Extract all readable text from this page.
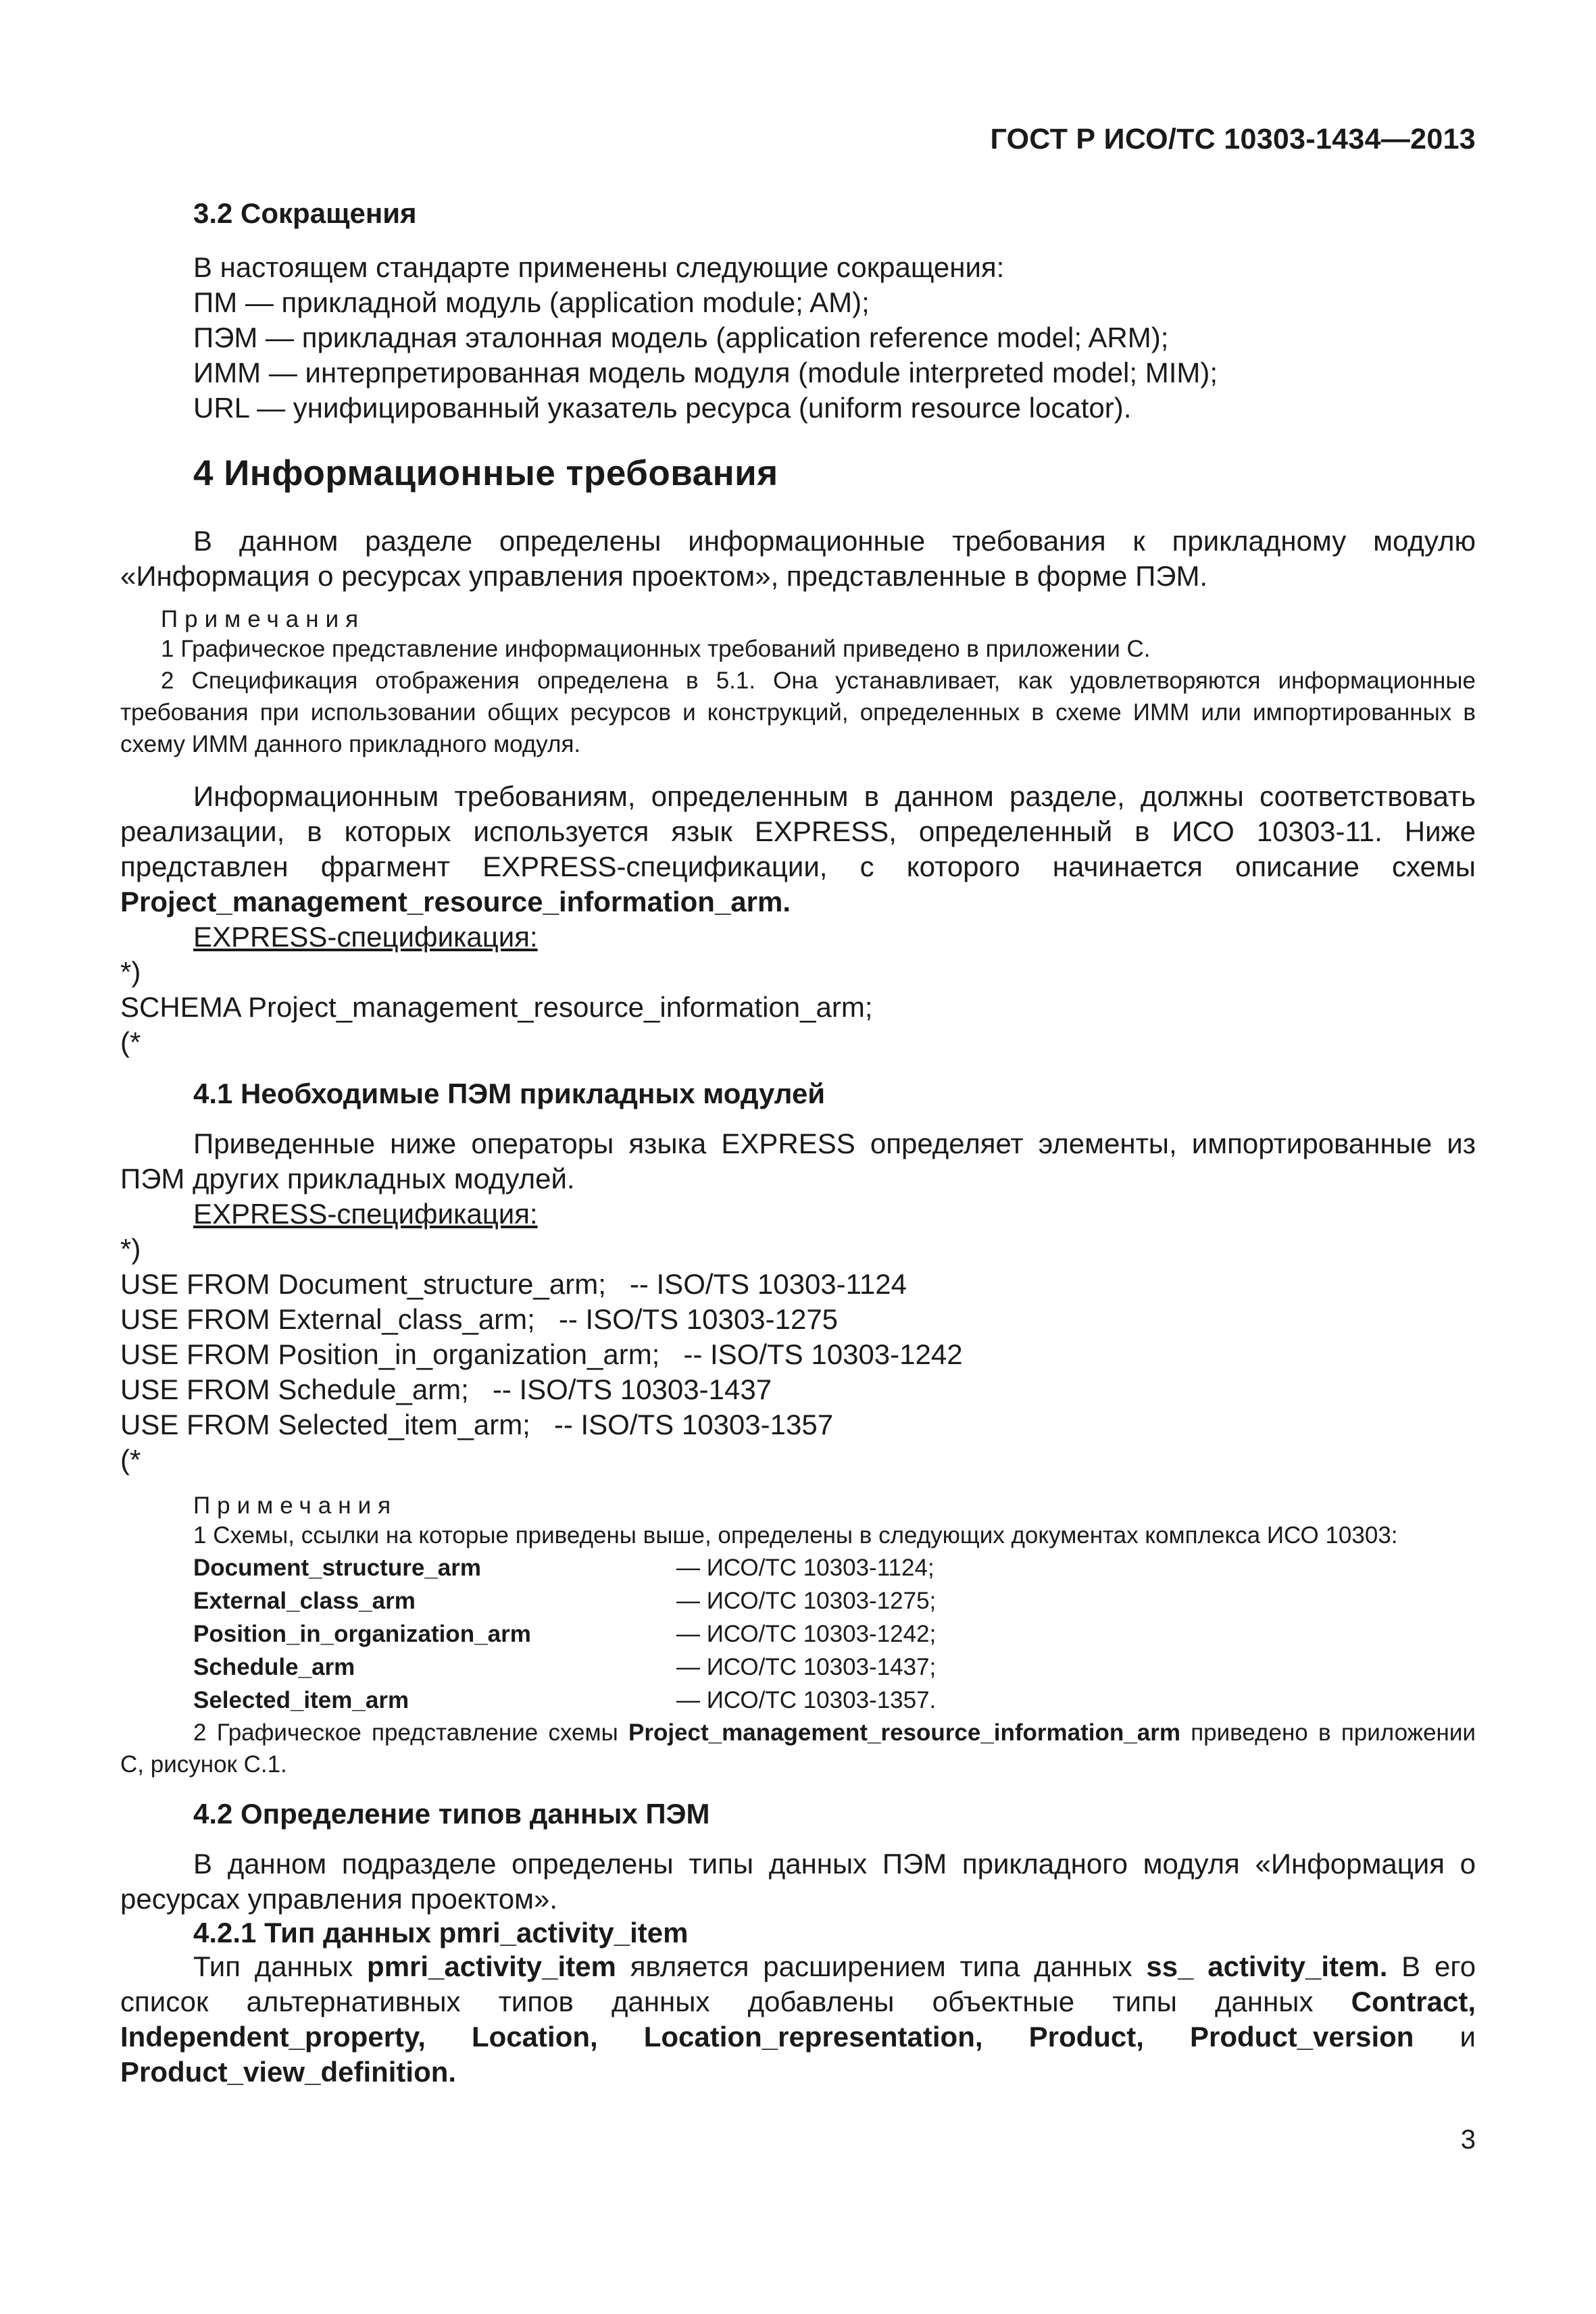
ГОСТ Р ИСО/ТС 10303-1434—2013
3.2 Сокращения
В настоящем стандарте применены следующие сокращения:
ПМ — прикладной модуль (application module; AM);
ПЭМ — прикладная эталонная модель (application reference model; ARM);
ИММ — интерпретированная модель модуля (module interpreted model; MIM);
URL — унифицированный указатель ресурса (uniform resource locator).
4 Информационные требования

В данном разделе определены информационные требования к прикладному модулю «Информация о ресурсах управления проектом», представленные в форме ПЭМ.

Примечания

1 Графическое представление информационных требований приведено в приложении С.

2 Спецификация отображения определена в 5.1. Она устанавливает, как удовлетворяются информационные требования при использовании общих ресурсов и конструкций, определенных в схеме ИММ или импортированных в схему ИММ данного прикладного модуля.

Информационным требованиям, определенным в данном разделе, должны соответствовать реализации, в которых используется язык EXPRESS, определенный в ИСО 10303-11. Ниже представлен фрагмент EXPRESS-спецификации, с которого начинается описание схемы Project_management_resource_information_arm.

EXPRESS-спецификация:
*)
SCHEMA Project_management_resource_information_arm;
(*
4.1 Необходимые ПЭМ прикладных модулей

Приведенные ниже операторы языка EXPRESS определяет элементы, импортированные из ПЭМ других прикладных модулей.

EXPRESS-спецификация:
*)
USE FROM Document_structure_arm;   -- ISO/TS 10303-1124
USE FROM External_class_arm;   -- ISO/TS 10303-1275
USE FROM Position_in_organization_arm;   -- ISO/TS 10303-1242
USE FROM Schedule_arm;   -- ISO/TS 10303-1437
USE FROM Selected_item_arm;   -- ISO/TS 10303-1357
(*
Примечания

1 Схемы, ссылки на которые приведены выше, определены в следующих документах комплекса ИСО 10303:

Document_structure_arm	— ИСО/ТС 10303-1124;
External_class_arm	— ИСО/ТС 10303-1275;
Position_in_organization_arm	— ИСО/ТС 10303-1242;
Schedule_arm	— ИСО/ТС 10303-1437;
Selected_item_arm	— ИСО/ТС 10303-1357.

2 Графическое представление схемы Project_management_resource_information_arm приведено в приложении С, рисунок С.1.

4.2 Определение типов данных ПЭМ

В данном подразделе определены типы данных ПЭМ прикладного модуля «Информация о ресурсах управления проектом».

4.2.1 Тип данных pmri_activity_item

Тип данных pmri_activity_item является расширением типа данных ss_ activity_item. В его список альтернативных типов данных добавлены объектные типы данных Contract, Independent_property, Location, Location_representation, Product, Product_version и Product_view_definition.

3
